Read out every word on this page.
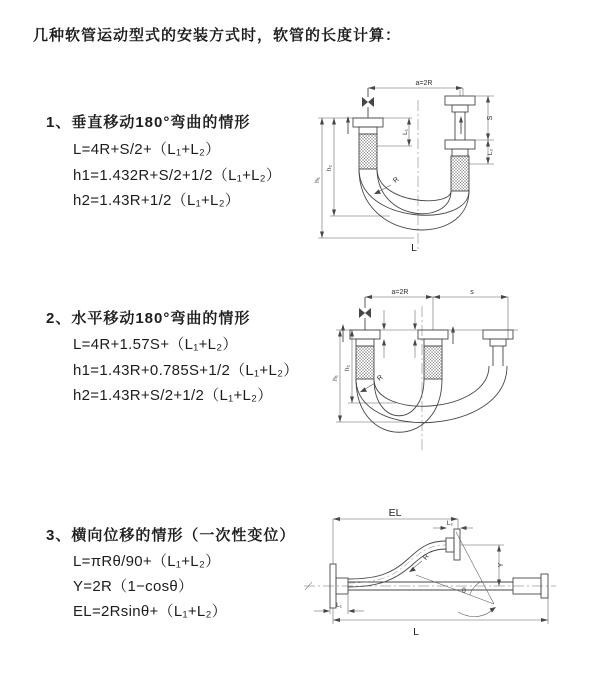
几种软管运动型式的安装方式时，软管的长度计算：
1、垂直移动180°弯曲的情形
L=4R+S/2+（L₁+L₂）
h1=1.432R+S/2+1/2（L₁+L₂）
h2=1.43R+1/2（L₁+L₂）
2、水平移动180°弯曲的情形
L=4R+1.57S+（L₁+L₂）
h1=1.43R+0.785S+1/2（L₁+L₂）
h2=1.43R+S/2+1/2（L₁+L₂）
3、横向位移的情形（一次性变位）
L=πRθ/90+（L₁+L₂）
Y=2R（1−cosθ）
EL=2Rsinθ+（L₁+L₂）
a=2R
L₁
S
L₂
h₁
h₂
R
L
a=2R	s
h₁
h₂
R
EL
L₂
θ
R
Y
L₁
L
